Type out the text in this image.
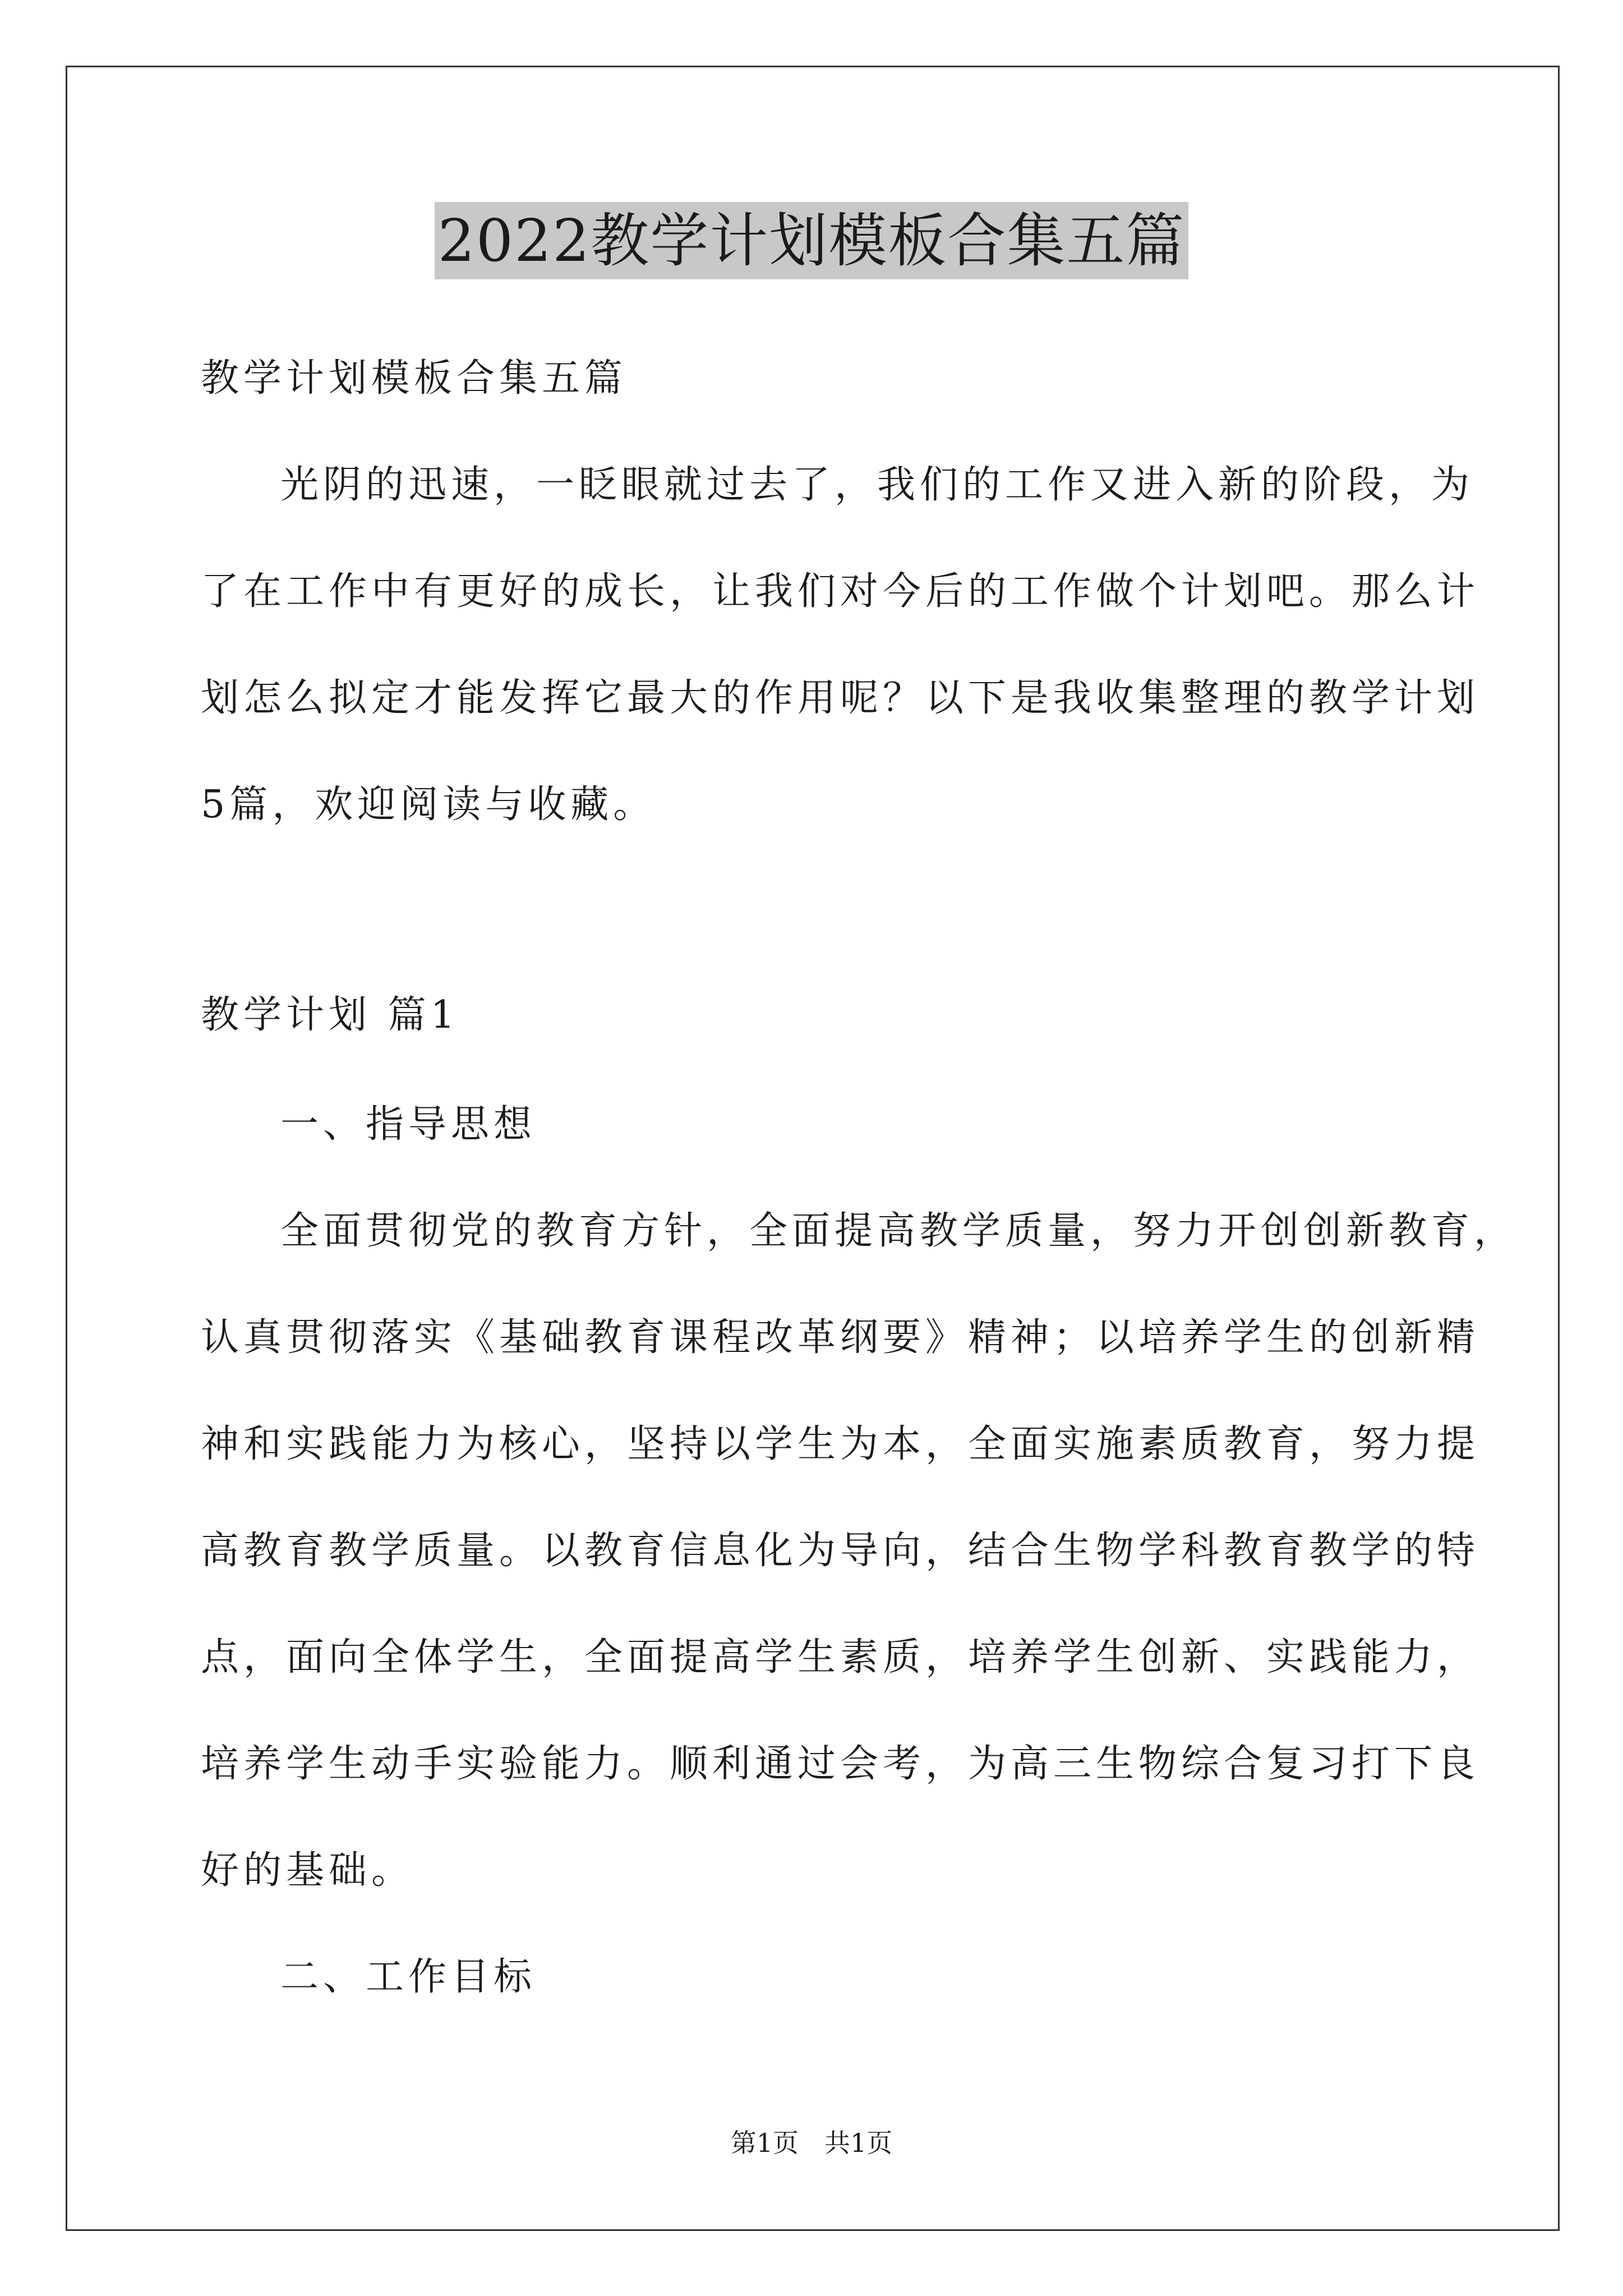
2022教学计划模板合集五篇
教学计划模板合集五篇
光阴的迅速，一眨眼就过去了，我们的工作又进入新的阶段，为
了在工作中有更好的成长，让我们对今后的工作做个计划吧。那么计
划怎么拟定才能发挥它最大的作用呢？以下是我收集整理的教学计划
5篇，欢迎阅读与收藏。
教学计划 篇1
一、指导思想
全面贯彻党的教育方针，全面提高教学质量，努力开创创新教育，
认真贯彻落实《基础教育课程改革纲要》精神；以培养学生的创新精
神和实践能力为核心，坚持以学生为本，全面实施素质教育，努力提
高教育教学质量。以教育信息化为导向，结合生物学科教育教学的特
点，面向全体学生，全面提高学生素质，培养学生创新、实践能力，
培养学生动手实验能力。顺利通过会考，为高三生物综合复习打下良
好的基础。
二、工作目标
第1页　共1页
